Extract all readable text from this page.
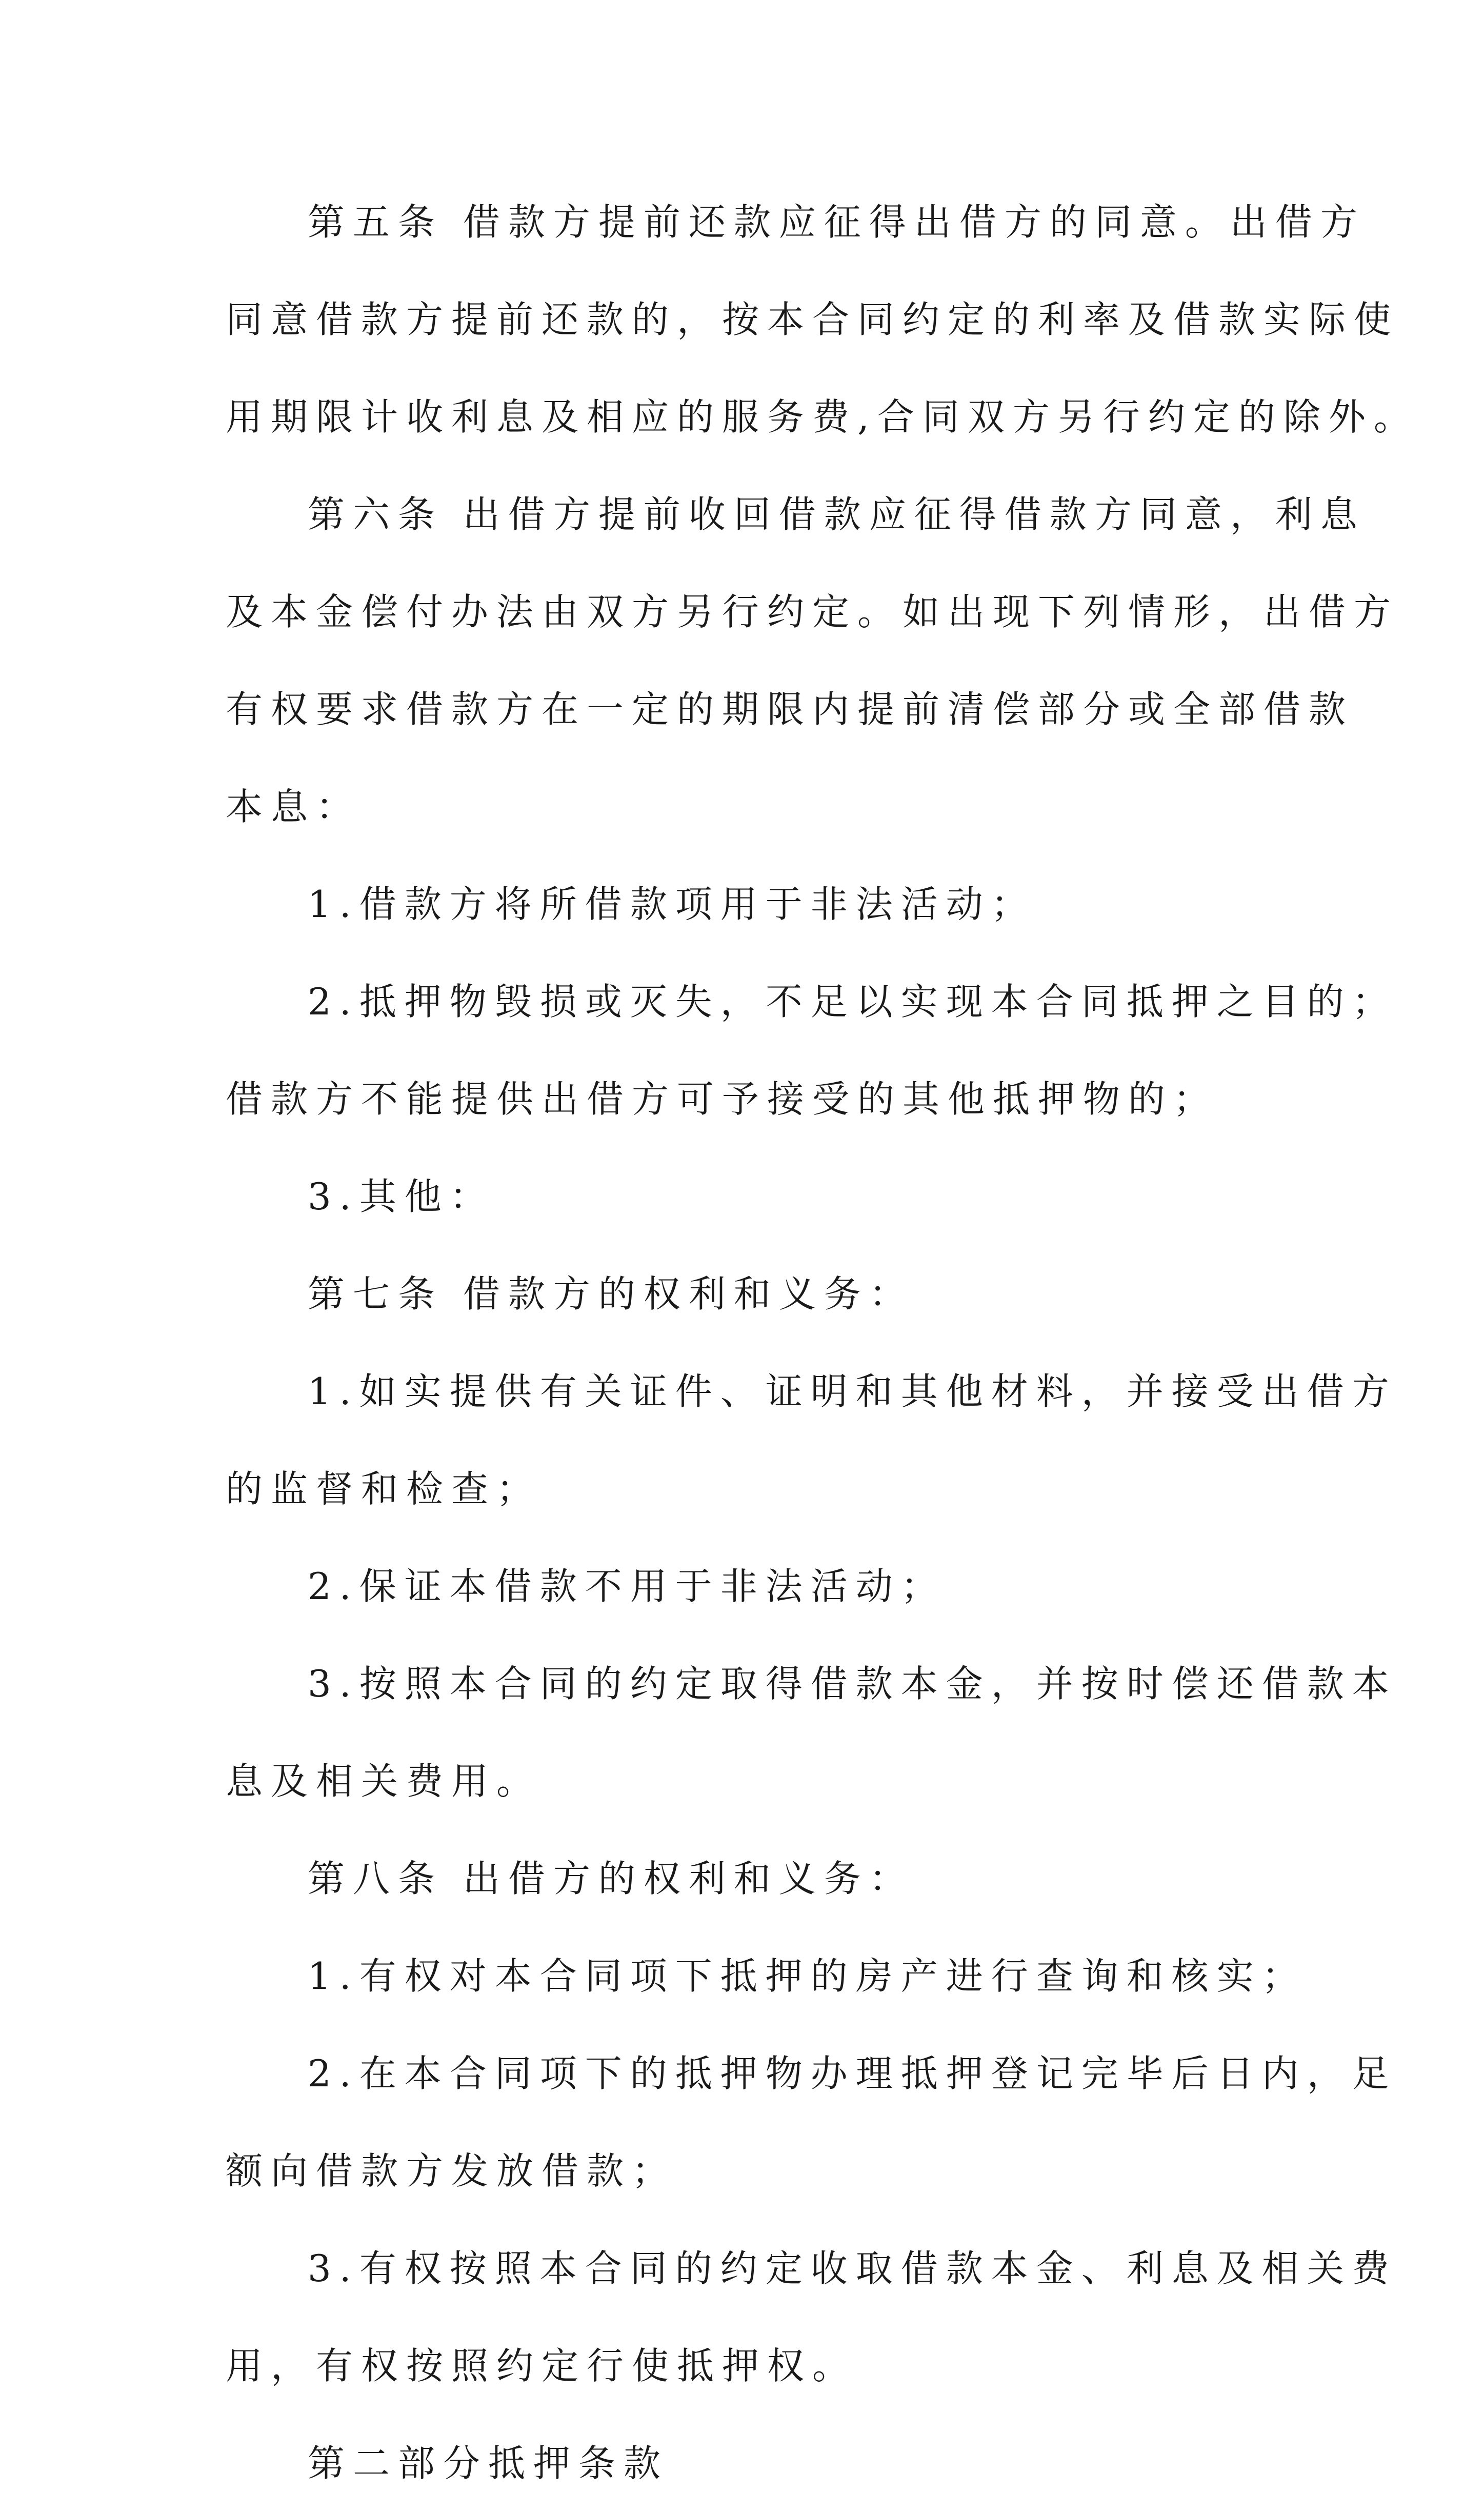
第五条 借款方提前还款应征得出借方的同意。出借方
同意借款方提前还款的，按本合同约定的利率及借款实际使
用期限计收利息及相应的服务费,合同双方另行约定的除外。
第六条 出借方提前收回借款应征得借款方同意，利息
及本金偿付办法由双方另行约定。如出现下列情形，出借方
有权要求借款方在一定的期限内提前清偿部分或全部借款
本息：
1.借款方将所借款项用于非法活动；
2.抵押物毁损或灭失，不足以实现本合同抵押之目的；
借款方不能提供出借方可予接受的其他抵押物的；
3.其他：
第七条 借款方的权利和义务：
1.如实提供有关证件、证明和其他材料，并接受出借方
的监督和检查；
2.保证本借款不用于非法活动；
3.按照本合同的约定取得借款本金，并按时偿还借款本
息及相关费用。
第八条 出借方的权利和义务：
1.有权对本合同项下抵押的房产进行查询和核实；
2.在本合同项下的抵押物办理抵押登记完毕后日内，足
额向借款方发放借款；
3.有权按照本合同的约定收取借款本金、利息及相关费
用，有权按照约定行使抵押权。
第二部分抵押条款
